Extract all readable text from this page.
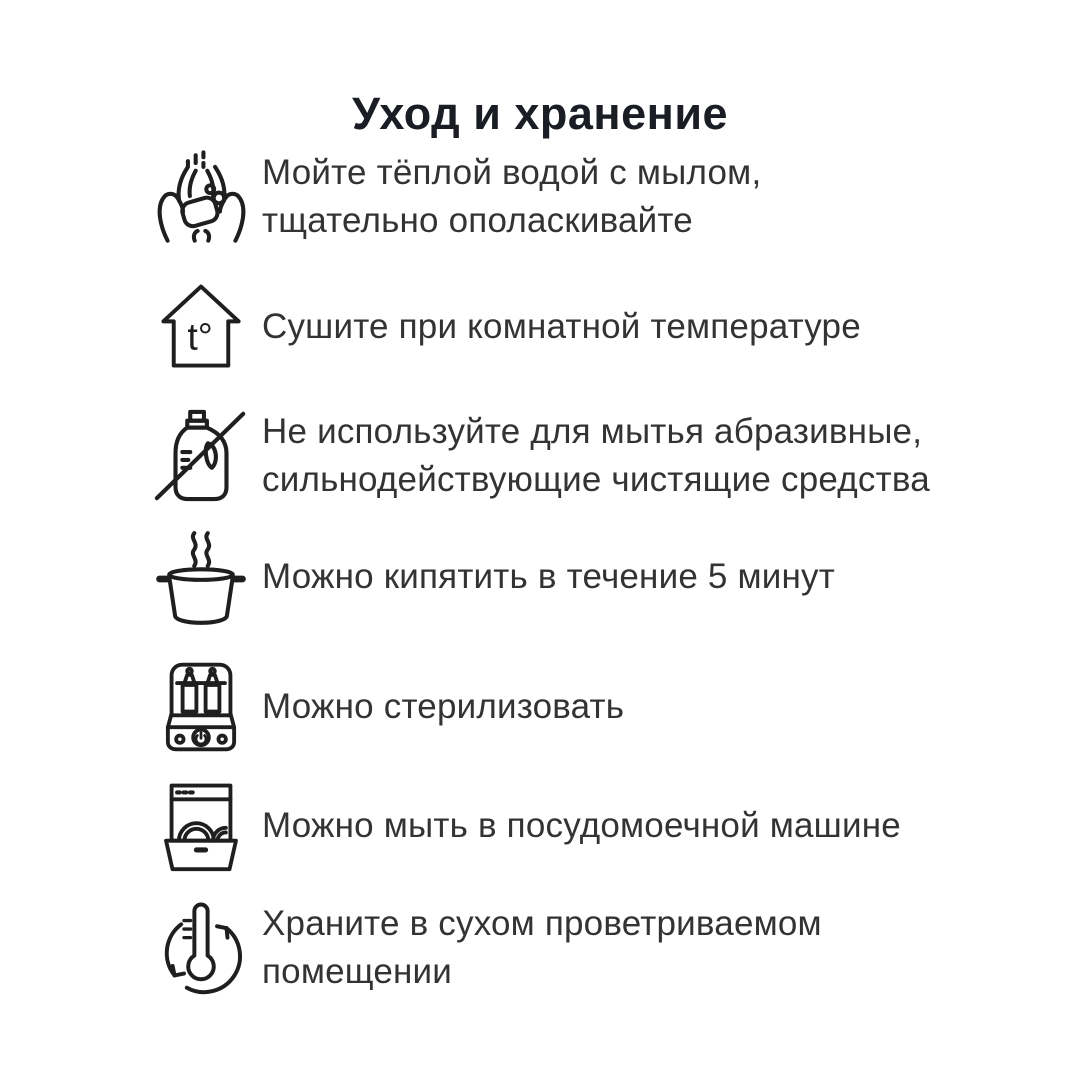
Уход и хранение
Мойте тёплой водой с мылом,
тщательно ополаскивайте
t° Сушите при комнатной температуре
Не используйте для мытья абразивные,
сильнодействующие чистящие средства
Можно кипятить в течение 5 минут
Можно стерилизовать
Можно мыть в посудомоечной машине
Храните в сухом проветриваемом
помещении
